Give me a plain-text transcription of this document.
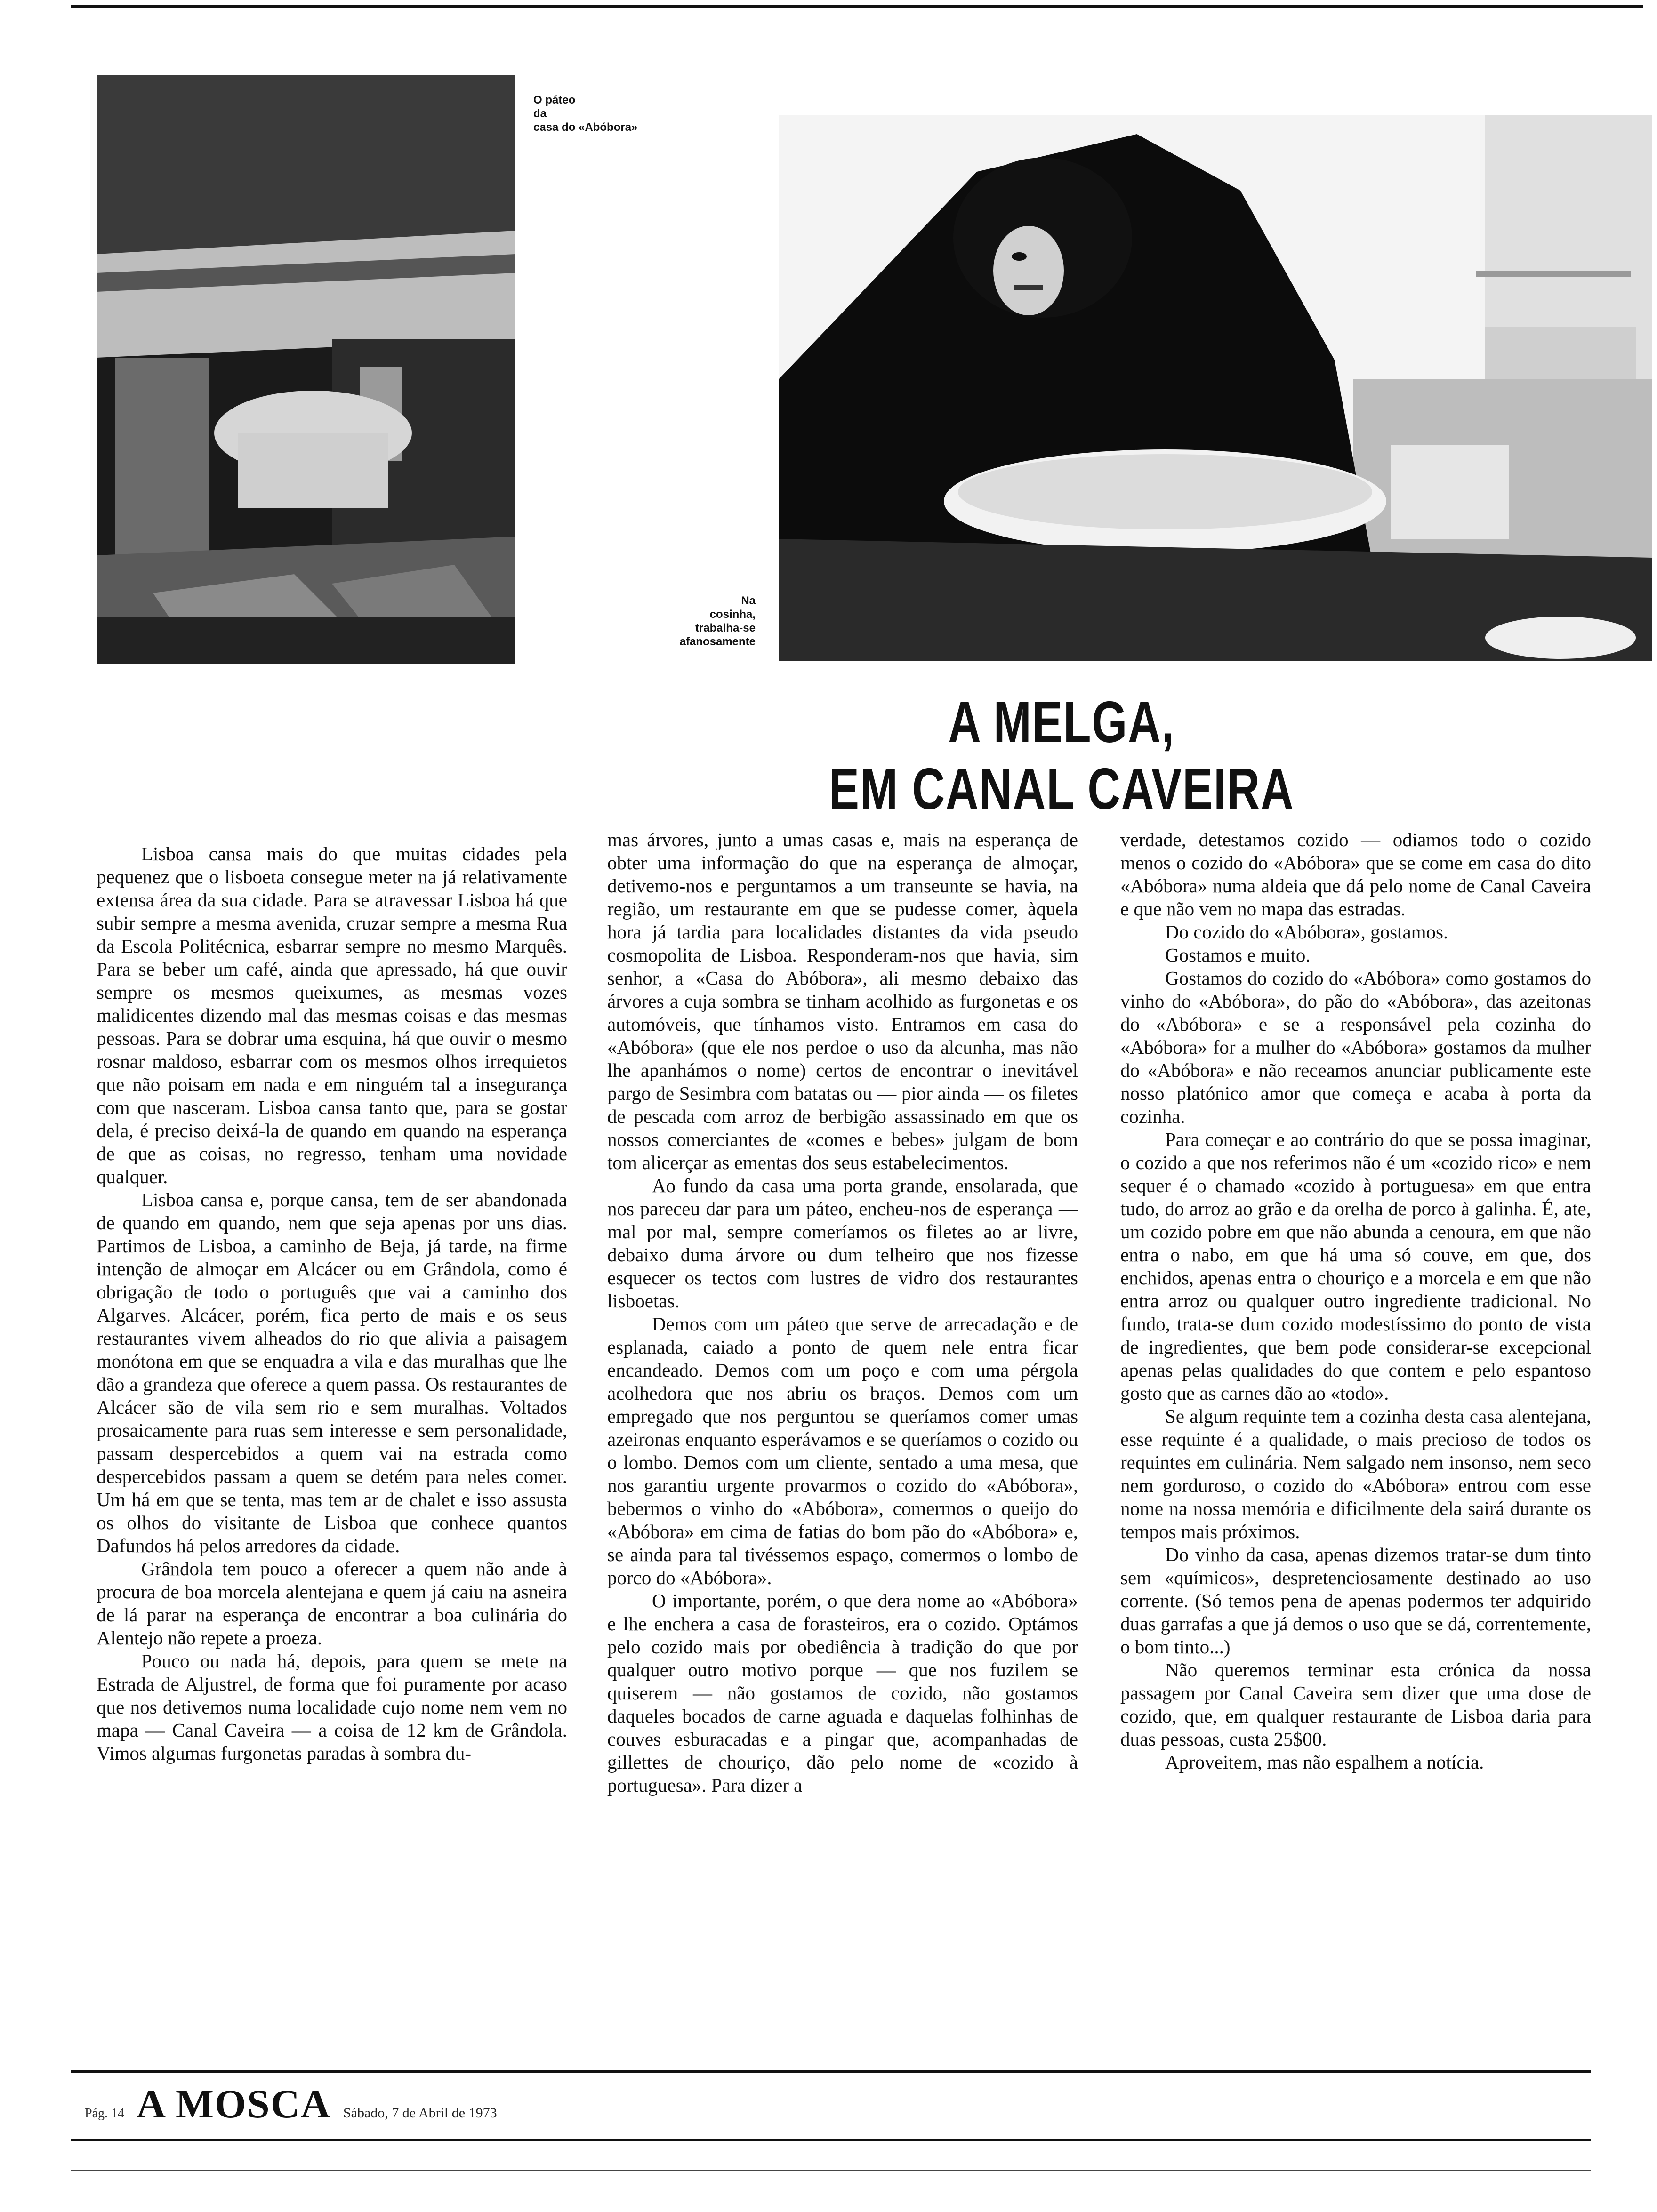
O páteo
da
casa do «Abóbora»
Na
cosinha,
trabalha-se
afanosamente
A MELGA,
EM CANAL CAVEIRA

Lisboa cansa mais do que muitas cidades pela pequenez que o lisboeta consegue meter na já relativamente extensa área da sua cidade. Para se atravessar Lisboa há que subir sempre a mesma avenida, cruzar sempre a mesma Rua da Escola Politécnica, esbarrar sempre no mesmo Marquês. Para se beber um café, ainda que apressado, há que ouvir sempre os mesmos queixumes, as mesmas vozes malidicentes dizendo mal das mesmas coisas e das mesmas pessoas. Para se dobrar uma esquina, há que ouvir o mesmo rosnar maldoso, esbarrar com os mesmos olhos irrequietos que não poisam em nada e em ninguém tal a insegurança com que nasceram. Lisboa cansa tanto que, para se gostar dela, é preciso deixá-la de quando em quando na esperança de que as coisas, no regresso, tenham uma novidade qualquer.

Lisboa cansa e, porque cansa, tem de ser abandonada de quando em quando, nem que seja apenas por uns dias. Partimos de Lisboa, a caminho de Beja, já tarde, na firme intenção de almoçar em Alcácer ou em Grândola, como é obrigação de todo o português que vai a caminho dos Algarves. Alcácer, porém, fica perto de mais e os seus restaurantes vivem alheados do rio que alivia a paisagem monótona em que se enquadra a vila e das muralhas que lhe dão a grandeza que oferece a quem passa. Os restaurantes de Alcácer são de vila sem rio e sem muralhas. Voltados prosaicamente para ruas sem interesse e sem personalidade, passam despercebidos a quem vai na estrada como despercebidos passam a quem se detém para neles comer. Um há em que se tenta, mas tem ar de chalet e isso assusta os olhos do visitante de Lisboa que conhece quantos Dafundos há pelos arredores da cidade.

Grândola tem pouco a oferecer a quem não ande à procura de boa morcela alentejana e quem já caiu na asneira de lá parar na esperança de encontrar a boa culinária do Alentejo não repete a proeza.

Pouco ou nada há, depois, para quem se mete na Estrada de Aljustrel, de forma que foi puramente por acaso que nos detivemos numa localidade cujo nome nem vem no mapa — Canal Caveira — a coisa de 12 km de Grândola. Vimos algumas furgonetas paradas à sombra du-

mas árvores, junto a umas casas e, mais na esperança de obter uma informação do que na esperança de almoçar, detivemo-nos e perguntamos a um transeunte se havia, na região, um restaurante em que se pudesse comer, àquela hora já tardia para localidades distantes da vida pseudo cosmopolita de Lisboa. Responderam-nos que havia, sim senhor, a «Casa do Abóbora», ali mesmo debaixo das árvores a cuja sombra se tinham acolhido as furgonetas e os automóveis, que tínhamos visto. Entramos em casa do «Abóbora» (que ele nos perdoe o uso da alcunha, mas não lhe apanhámos o nome) certos de encontrar o inevitável pargo de Sesimbra com batatas ou — pior ainda — os filetes de pescada com arroz de berbigão assassinado em que os nossos comerciantes de «comes e bebes» julgam de bom tom alicerçar as ementas dos seus estabelecimentos.

Ao fundo da casa uma porta grande, ensolarada, que nos pareceu dar para um páteo, encheu-nos de esperança — mal por mal, sempre comeríamos os filetes ao ar livre, debaixo duma árvore ou dum telheiro que nos fizesse esquecer os tectos com lustres de vidro dos restaurantes lisboetas.

Demos com um páteo que serve de arrecadação e de esplanada, caiado a ponto de quem nele entra ficar encandeado. Demos com um poço e com uma pérgola acolhedora que nos abriu os braços. Demos com um empregado que nos perguntou se queríamos comer umas azeironas enquanto esperávamos e se queríamos o cozido ou o lombo. Demos com um cliente, sentado a uma mesa, que nos garantiu urgente provarmos o cozido do «Abóbora», bebermos o vinho do «Abóbora», comermos o queijo do «Abóbora» em cima de fatias do bom pão do «Abóbora» e, se ainda para tal tivéssemos espaço, comermos o lombo de porco do «Abóbora».

O importante, porém, o que dera nome ao «Abóbora» e lhe enchera a casa de forasteiros, era o cozido. Optámos pelo cozido mais por obediência à tradição do que por qualquer outro motivo porque — que nos fuzilem se quiserem — não gostamos de cozido, não gostamos daqueles bocados de carne aguada e daquelas folhinhas de couves esburacadas e a pingar que, acompanhadas de gillettes de chouriço, dão pelo nome de «cozido à portuguesa». Para dizer a

verdade, detestamos cozido — odiamos todo o cozido menos o cozido do «Abóbora» que se come em casa do dito «Abóbora» numa aldeia que dá pelo nome de Canal Caveira e que não vem no mapa das estradas.

Do cozido do «Abóbora», gostamos.

Gostamos e muito.

Gostamos do cozido do «Abóbora» como gostamos do vinho do «Abóbora», do pão do «Abóbora», das azeitonas do «Abóbora» e se a responsável pela cozinha do «Abóbora» for a mulher do «Abóbora» gostamos da mulher do «Abóbora» e não receamos anunciar publicamente este nosso platónico amor que começa e acaba à porta da cozinha.

Para começar e ao contrário do que se possa imaginar, o cozido a que nos referimos não é um «cozido rico» e nem sequer é o chamado «cozido à portuguesa» em que entra tudo, do arroz ao grão e da orelha de porco à galinha. É, ate, um cozido pobre em que não abunda a cenoura, em que não entra o nabo, em que há uma só couve, em que, dos enchidos, apenas entra o chouriço e a morcela e em que não entra arroz ou qualquer outro ingrediente tradicional. No fundo, trata-se dum cozido modestíssimo do ponto de vista de ingredientes, que bem pode considerar-se excepcional apenas pelas qualidades do que contem e pelo espantoso gosto que as carnes dão ao «todo».

Se algum requinte tem a cozinha desta casa alentejana, esse requinte é a qualidade, o mais precioso de todos os requintes em culinária. Nem salgado nem insonso, nem seco nem gorduroso, o cozido do «Abóbora» entrou com esse nome na nossa memória e dificilmente dela sairá durante os tempos mais próximos.

Do vinho da casa, apenas dizemos tratar-se dum tinto sem «químicos», despretenciosamente destinado ao uso corrente. (Só temos pena de apenas podermos ter adquirido duas garrafas a que já demos o uso que se dá, correntemente, o bom tinto...)

Não queremos terminar esta crónica da nossa passagem por Canal Caveira sem dizer que uma dose de cozido, que, em qualquer restaurante de Lisboa daria para duas pessoas, custa 25$00.

Aproveitem, mas não espalhem a notícia.

Pág. 14 A MOSCA Sábado, 7 de Abril de 1973
